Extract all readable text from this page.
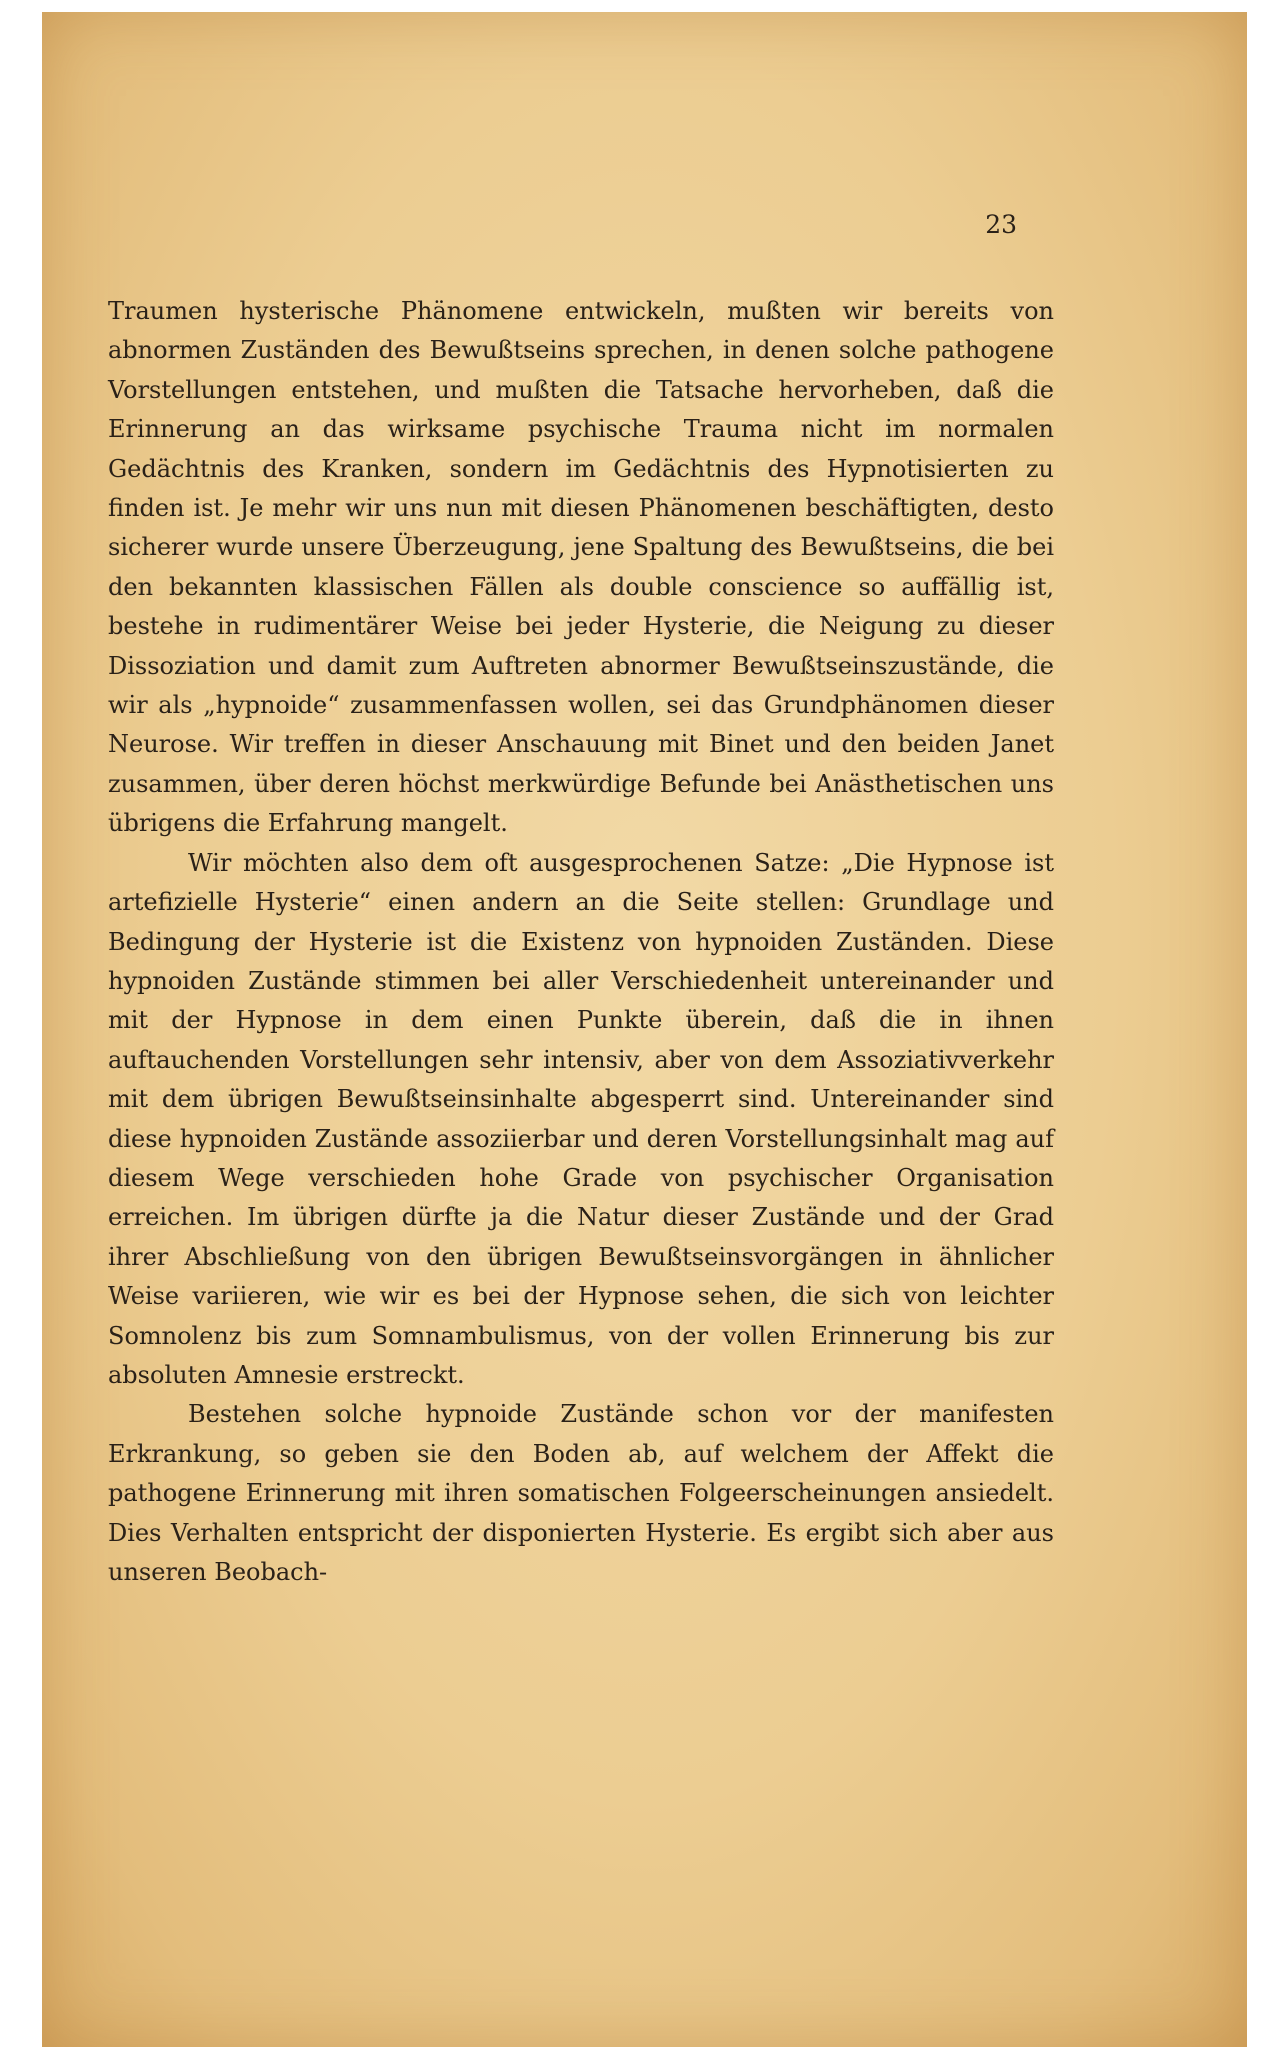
23

Traumen hysterische Phänomene entwickeln, mußten wir bereits von abnormen Zuständen des Bewußtseins sprechen, in denen solche pathogene Vorstellungen entstehen, und mußten die Tatsache hervorheben, daß die Erinnerung an das wirksame psychische Trauma nicht im normalen Gedächtnis des Kranken, sondern im Gedächtnis des Hypnotisierten zu finden ist. Je mehr wir uns nun mit diesen Phänomenen beschäftigten, desto sicherer wurde unsere Überzeugung, jene Spaltung des Bewußtseins, die bei den bekannten klassischen Fällen als double conscience so auffällig ist, bestehe in rudimentärer Weise bei jeder Hysterie, die Neigung zu dieser Dissoziation und damit zum Auftreten abnormer Bewußtseinszustände, die wir als „hypnoide“ zusammenfassen wollen, sei das Grundphänomen dieser Neurose. Wir treffen in dieser Anschauung mit Binet und den beiden Janet zusammen, über deren höchst merkwürdige Befunde bei Anästhetischen uns übrigens die Erfahrung mangelt.

Wir möchten also dem oft ausgesprochenen Satze: „Die Hypnose ist artefizielle Hysterie“ einen andern an die Seite stellen: Grundlage und Bedingung der Hysterie ist die Existenz von hypnoiden Zuständen. Diese hypnoiden Zustände stimmen bei aller Verschiedenheit untereinander und mit der Hypnose in dem einen Punkte überein, daß die in ihnen auftauchenden Vorstellungen sehr intensiv, aber von dem Assoziativverkehr mit dem übrigen Bewußtseinsinhalte abgesperrt sind. Untereinander sind diese hypnoiden Zustände assoziierbar und deren Vorstellungsinhalt mag auf diesem Wege verschieden hohe Grade von psychischer Organisation erreichen. Im übrigen dürfte ja die Natur dieser Zustände und der Grad ihrer Abschließung von den übrigen Bewußtseinsvorgängen in ähnlicher Weise variieren, wie wir es bei der Hypnose sehen, die sich von leichter Somnolenz bis zum Somnambulismus, von der vollen Erinnerung bis zur absoluten Amnesie erstreckt.

Bestehen solche hypnoide Zustände schon vor der manifesten Erkrankung, so geben sie den Boden ab, auf welchem der Affekt die pathogene Erinnerung mit ihren somatischen Folgeerscheinungen ansiedelt. Dies Verhalten entspricht der disponierten Hysterie. Es ergibt sich aber aus unseren Beobach-
